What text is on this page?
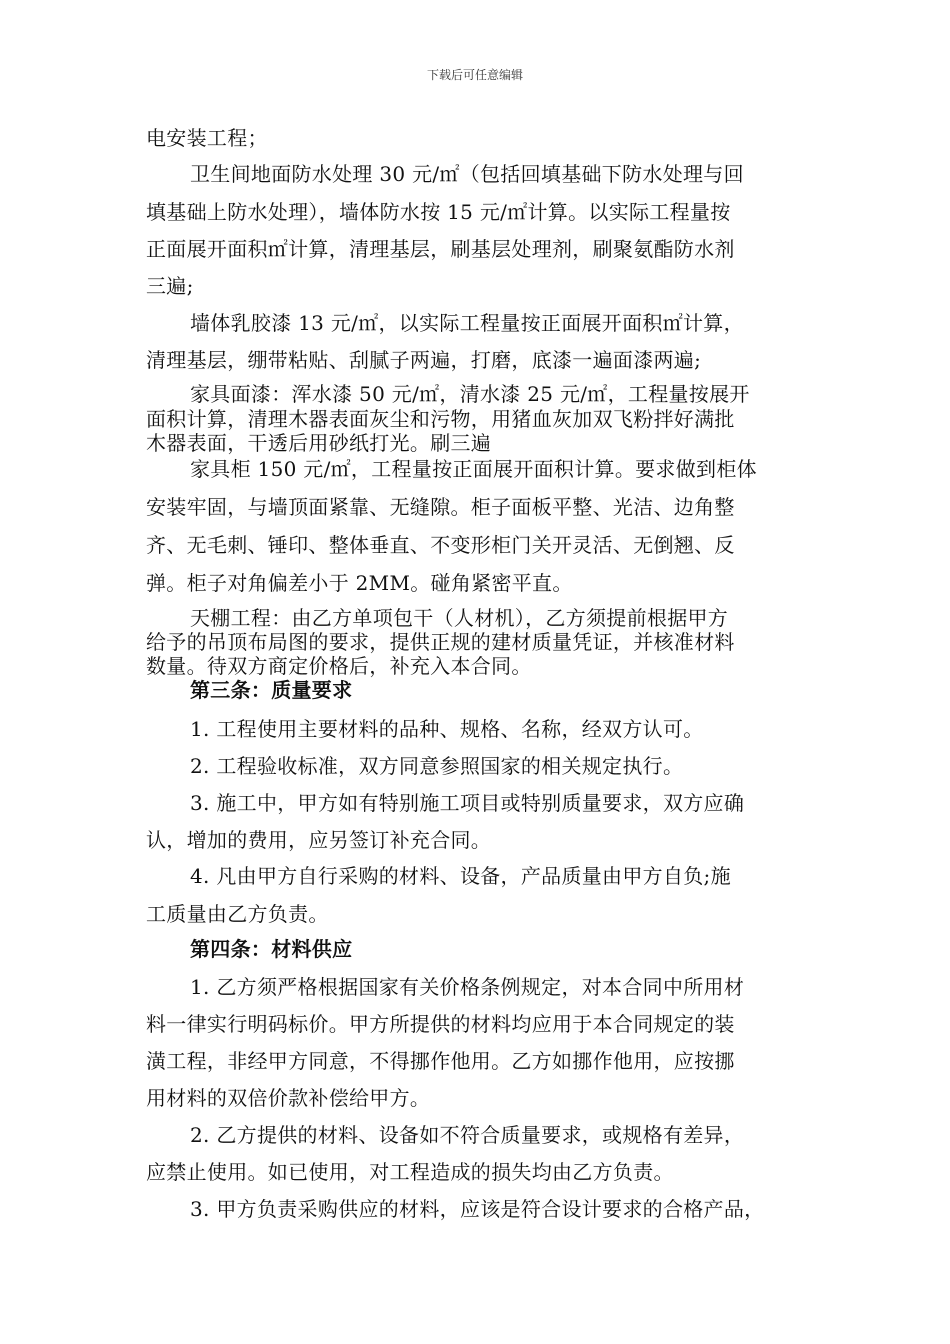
下载后可任意编辑
电安装工程；
卫生间地面防水处理 30 元/㎡（包括回填基础下防水处理与回
填基础上防水处理），墙体防水按 15 元/㎡计算。以实际工程量按
正面展开面积㎡计算，清理基层，刷基层处理剂，刷聚氨酯防水剂
三遍;
墙体乳胶漆 13 元/㎡，以实际工程量按正面展开面积㎡计算，
清理基层，绷带粘贴、刮腻子两遍，打磨，底漆一遍面漆两遍;
家具面漆：浑水漆 50 元/㎡，清水漆 25 元/㎡，工程量按展开
面积计算，清理木器表面灰尘和污物，用猪血灰加双飞粉拌好满批
木器表面，干透后用砂纸打光。刷三遍
家具柜 150 元/㎡，工程量按正面展开面积计算。要求做到柜体
安装牢固，与墙顶面紧靠、无缝隙。柜子面板平整、光洁、边角整
齐、无毛刺、锤印、整体垂直、不变形柜门关开灵活、无倒翘、反
弹。柜子对角偏差小于 2MM。碰角紧密平直。
天棚工程：由乙方单项包干（人材机），乙方须提前根据甲方
给予的吊顶布局图的要求，提供正规的建材质量凭证，并核准材料
数量。待双方商定价格后，补充入本合同。
第三条：质量要求
1. 工程使用主要材料的品种、规格、名称，经双方认可。
2. 工程验收标准，双方同意参照国家的相关规定执行。
3. 施工中，甲方如有特别施工项目或特别质量要求，双方应确
认，增加的费用，应另签订补充合同。
4. 凡由甲方自行采购的材料、设备，产品质量由甲方自负;施
工质量由乙方负责。
第四条：材料供应
1. 乙方须严格根据国家有关价格条例规定，对本合同中所用材
料一律实行明码标价。甲方所提供的材料均应用于本合同规定的装
潢工程，非经甲方同意，不得挪作他用。乙方如挪作他用，应按挪
用材料的双倍价款补偿给甲方。
2. 乙方提供的材料、设备如不符合质量要求，或规格有差异，
应禁止使用。如已使用，对工程造成的损失均由乙方负责。
3. 甲方负责采购供应的材料，应该是符合设计要求的合格产品，
